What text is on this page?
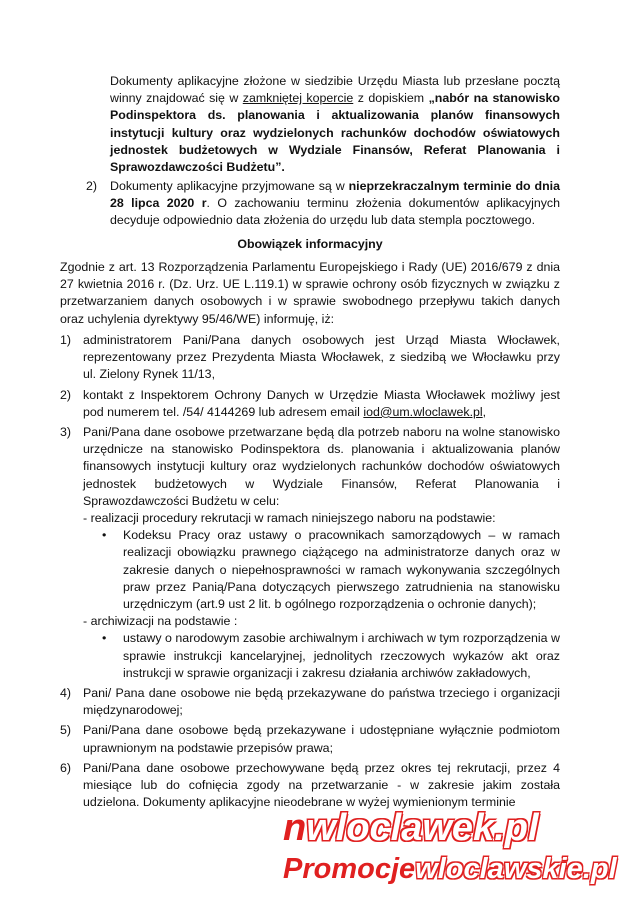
Dokumenty aplikacyjne złożone w siedzibie Urzędu Miasta lub przesłane pocztą winny znajdować się w zamkniętej kopercie z dopiskiem „nabór na stanowisko Podinspektora ds. planowania i aktualizowania planów finansowych instytucji kultury oraz wydzielonych rachunków dochodów oświatowych jednostek budżetowych w Wydziale Finansów, Referat Planowania i Sprawozdawczości Budżetu”.

2) Dokumenty aplikacyjne przyjmowane są w nieprzekraczalnym terminie do dnia 28 lipca 2020 r. O zachowaniu terminu złożenia dokumentów aplikacyjnych decyduje odpowiednio data złożenia do urzędu lub data stempla pocztowego.

Obowiązek informacyjny

Zgodnie z art. 13 Rozporządzenia Parlamentu Europejskiego i Rady (UE) 2016/679 z dnia 27 kwietnia 2016 r. (Dz. Urz. UE L.119.1) w sprawie ochrony osób fizycznych w związku z przetwarzaniem danych osobowych i w sprawie swobodnego przepływu takich danych oraz uchylenia dyrektywy 95/46/WE) informuję, iż:

1) administratorem Pani/Pana danych osobowych jest Urząd Miasta Włocławek, reprezentowany przez Prezydenta Miasta Włocławek, z siedzibą we Włocławku przy ul. Zielony Rynek 11/13,

2) kontakt z Inspektorem Ochrony Danych w Urzędzie Miasta Włocławek możliwy jest pod numerem tel. /54/ 4144269 lub adresem email iod@um.wloclawek.pl,

3) Pani/Pana dane osobowe przetwarzane będą dla potrzeb naboru na wolne stanowisko urzędnicze na stanowisko Podinspektora ds. planowania i aktualizowania planów finansowych instytucji kultury oraz wydzielonych rachunków dochodów oświatowych jednostek budżetowych w Wydziale Finansów, Referat Planowania i Sprawozdawczości Budżetu w celu:

- realizacji procedury rekrutacji w ramach niniejszego naboru na podstawie:

• Kodeksu Pracy oraz ustawy o pracownikach samorządowych – w ramach realizacji obowiązku prawnego ciążącego na administratorze danych oraz w zakresie danych o niepełnosprawności w ramach wykonywania szczególnych praw przez Panią/Pana dotyczących pierwszego zatrudnienia na stanowisku urzędniczym (art.9 ust 2 lit. b ogólnego rozporządzenia o ochronie danych);

- archiwizacji na podstawie :

• ustawy o narodowym zasobie archiwalnym i archiwach w tym rozporządzenia w sprawie instrukcji kancelaryjnej, jednolitych rzeczowych wykazów akt oraz instrukcji w sprawie organizacji i zakresu działania archiwów zakładowych,

4) Pani/ Pana dane osobowe nie będą przekazywane do państwa trzeciego i organizacji międzynarodowej;

5) Pani/Pana dane osobowe będą przekazywane i udostępniane wyłącznie podmiotom uprawnionym na podstawie przepisów prawa;

6) Pani/Pana dane osobowe przechowywane będą przez okres tej rekrutacji, przez 4 miesiące lub do cofnięcia zgody na przetwarzanie - w zakresie jakim została udzielona. Dokumenty aplikacyjne nieodebrane w wyżej wymienionym terminie

nwloclawek.pl
Promocjewloclawskie.pl
